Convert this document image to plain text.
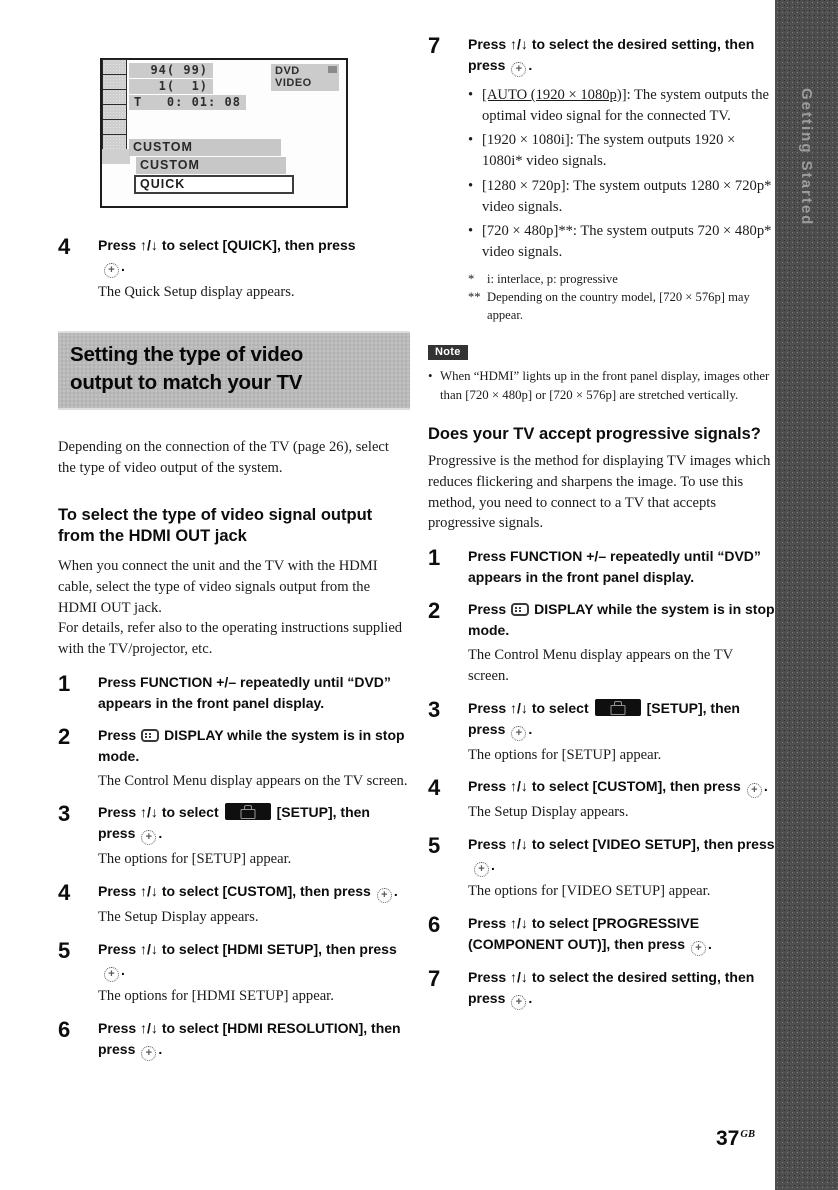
Getting Started
94( 99)
1(  1)
T   0: 01: 08
DVD VIDEO
CUSTOM
CUSTOM
QUICK
4	Press ↑/↓ to select [QUICK], then press
+.

The Quick Setup display appears.

Setting the type of video
output to match your TV

Depending on the connection of the TV (page 26), select the type of video output of the system.

To select the type of video signal output from the HDMI OUT jack

When you connect the unit and the TV with the HDMI cable, select the type of video signals output from the HDMI OUT jack.

For details, refer also to the operating instructions supplied with the TV/projector, etc.

1	Press FUNCTION +/– repeatedly until “DVD” appears in the front panel display.

2	Press DISPLAY while the system is in stop mode.

The Control Menu display appears on the TV screen.

3	Press ↑/↓ to select	[SETUP], then press + .

The options for [SETUP] appear.

4	Press ↑/↓ to select [CUSTOM], then press+ .

The Setup Display appears.

5	Press ↑/↓ to select [HDMI SETUP], then press+.

The options for [HDMI SETUP] appear.

6	Press ↑/↓ to select [HDMI RESOLUTION], then press + .

7	Press ↑/↓ to select the desired setting, then press + .

•
[AUTO (1920 × 1080p)]: The system outputs the optimal video signal for the connected TV.
•
[1920 × 1080i]: The system outputs 1920 × 1080i* video signals.
•
[1280 × 720p]: The system outputs 1280 × 720p* video signals.
•
[720 × 480p]**: The system outputs 720 × 480p* video signals.
*	i: interlace, p: progressive
** Depending on the country model, [720 × 576p] may appear.
Note
•
When “HDMI” lights up in the front panel display, images other than [720 × 480p] or [720 × 576p] are stretched vertically.
Does your TV accept progressive signals?

Progressive is the method for displaying TV images which reduces flickering and sharpens the image. To use this method, you need to connect to a TV that accepts progressive signals.

1	Press FUNCTION +/– repeatedly until “DVD” appears in the front panel display.

2	Press DISPLAY while the system is in stop mode.

The Control Menu display appears on the TV screen.

3	Press ↑/↓ to select	[SETUP], then press + .

The options for [SETUP] appear.

4	Press ↑/↓ to select [CUSTOM], then press+ .

The Setup Display appears.

5	Press ↑/↓ to select [VIDEO SETUP], then press+.

The options for [VIDEO SETUP] appear.

6	Press ↑/↓ to select [PROGRESSIVE (COMPONENT OUT)], then press + .

7	Press ↑/↓ to select the desired setting, then press + .

$37^{GB}$
